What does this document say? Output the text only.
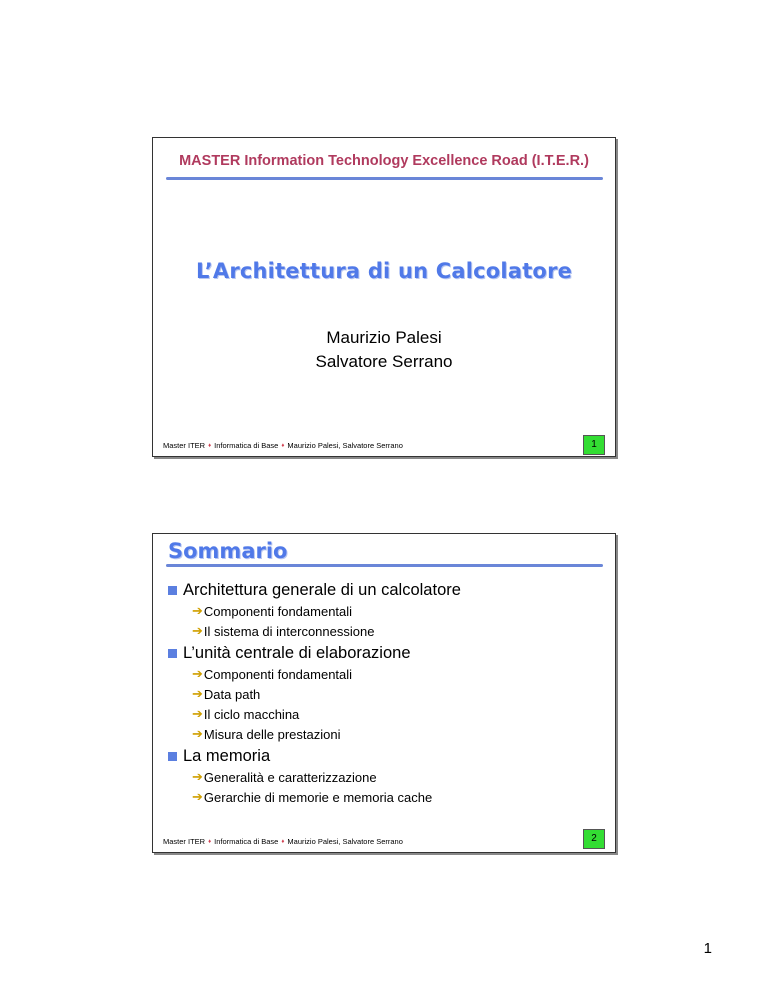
MASTER Information Technology Excellence Road (I.T.E.R.)
L’Architettura di un Calcolatore
Maurizio Palesi
Salvatore Serrano
Master ITER ♦ Informatica di Base ♦ Maurizio Palesi, Salvatore Serrano	1
Sommario
Architettura generale di un calcolatore
➔ Componenti fondamentali
➔ Il sistema di interconnessione
L’unità centrale di elaborazione
➔ Componenti fondamentali
➔ Data path
➔ Il ciclo macchina
➔ Misura delle prestazioni
La memoria
➔ Generalità e caratterizzazione
➔ Gerarchie di memorie e memoria cache
Master ITER ♦ Informatica di Base ♦ Maurizio Palesi, Salvatore Serrano	2
1
